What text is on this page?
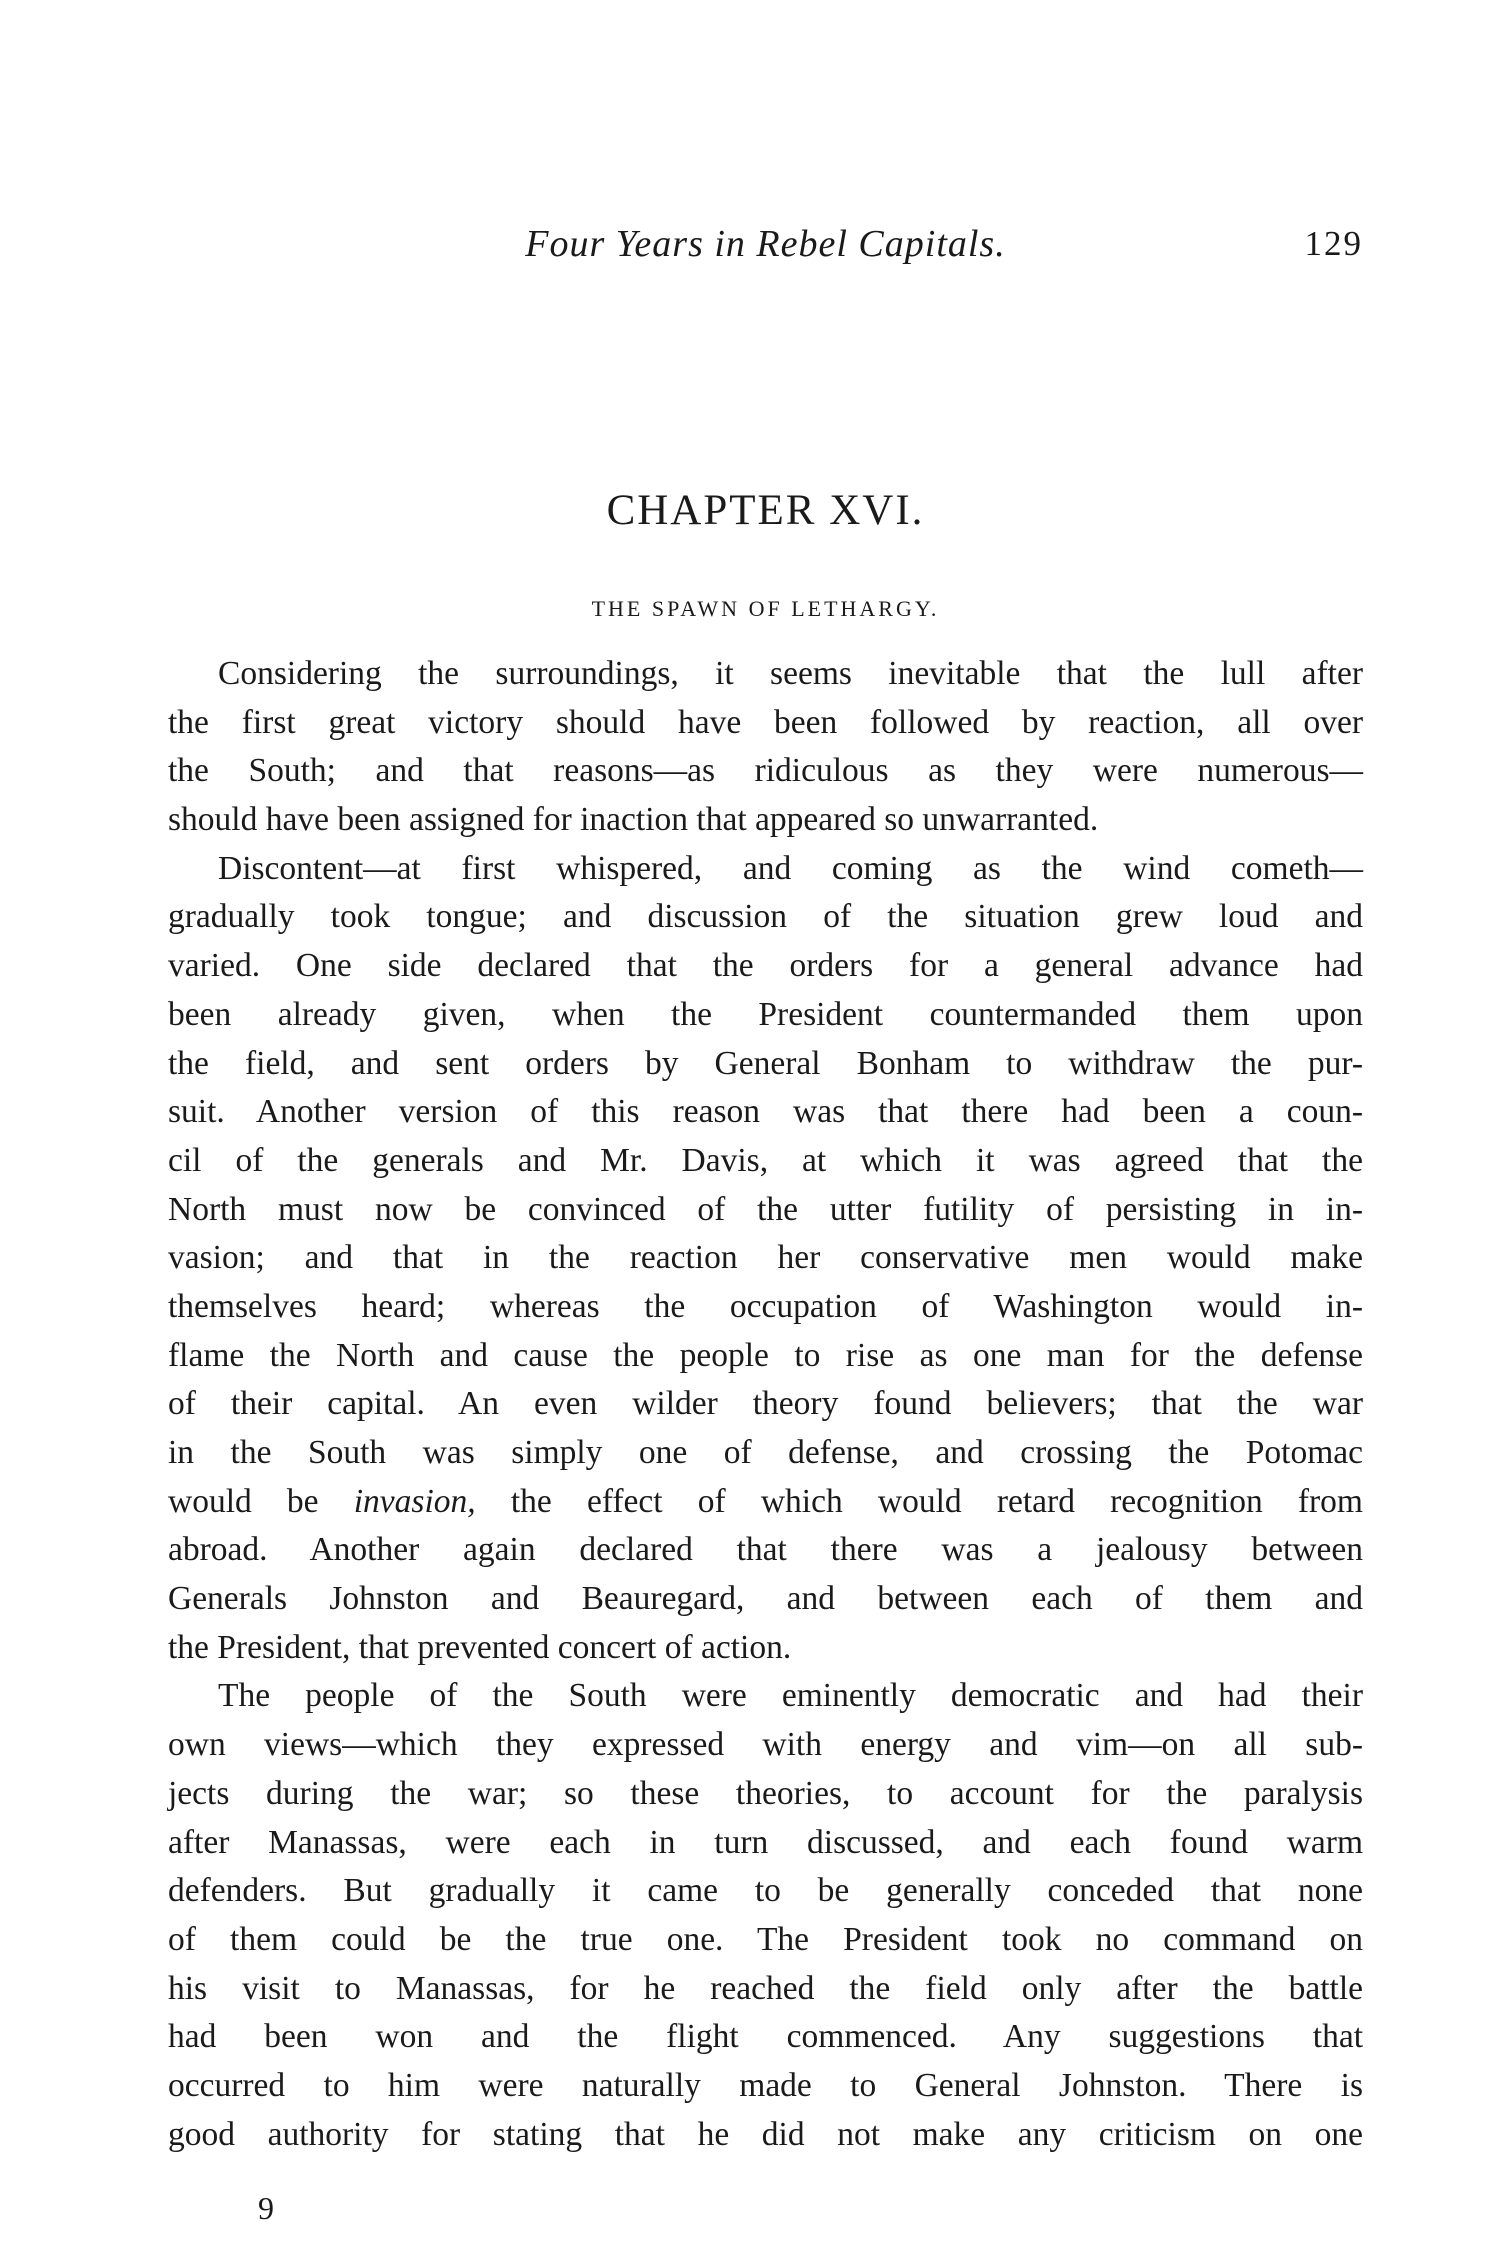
Four Years in Rebel Capitals.	129
CHAPTER XVI.
THE SPAWN OF LETHARGY.
Considering the surroundings, it seems inevitable that the lull after
the first great victory should have been followed by reaction, all over
the South; and that reasons—as ridiculous as they were numerous—
should have been assigned for inaction that appeared so unwarranted.
Discontent—at first whispered, and coming as the wind cometh—
gradually took tongue; and discussion of the situation grew loud and
varied. One side declared that the orders for a general advance had
been already given, when the President countermanded them upon
the field, and sent orders by General Bonham to withdraw the pur-
suit. Another version of this reason was that there had been a coun-
cil of the generals and Mr. Davis, at which it was agreed that the
North must now be convinced of the utter futility of persisting in in-
vasion; and that in the reaction her conservative men would make
themselves heard; whereas the occupation of Washington would in-
flame the North and cause the people to rise as one man for the defense
of their capital. An even wilder theory found believers; that the war
in the South was simply one of defense, and crossing the Potomac
would be invasion, the effect of which would retard recognition from
abroad. Another again declared that there was a jealousy between
Generals Johnston and Beauregard, and between each of them and
the President, that prevented concert of action.
The people of the South were eminently democratic and had their
own views—which they expressed with energy and vim—on all sub-
jects during the war; so these theories, to account for the paralysis
after Manassas, were each in turn discussed, and each found warm
defenders. But gradually it came to be generally conceded that none
of them could be the true one. The President took no command on
his visit to Manassas, for he reached the field only after the battle
had been won and the flight commenced. Any suggestions that
occurred to him were naturally made to General Johnston. There is
good authority for stating that he did not make any criticism on one
9
